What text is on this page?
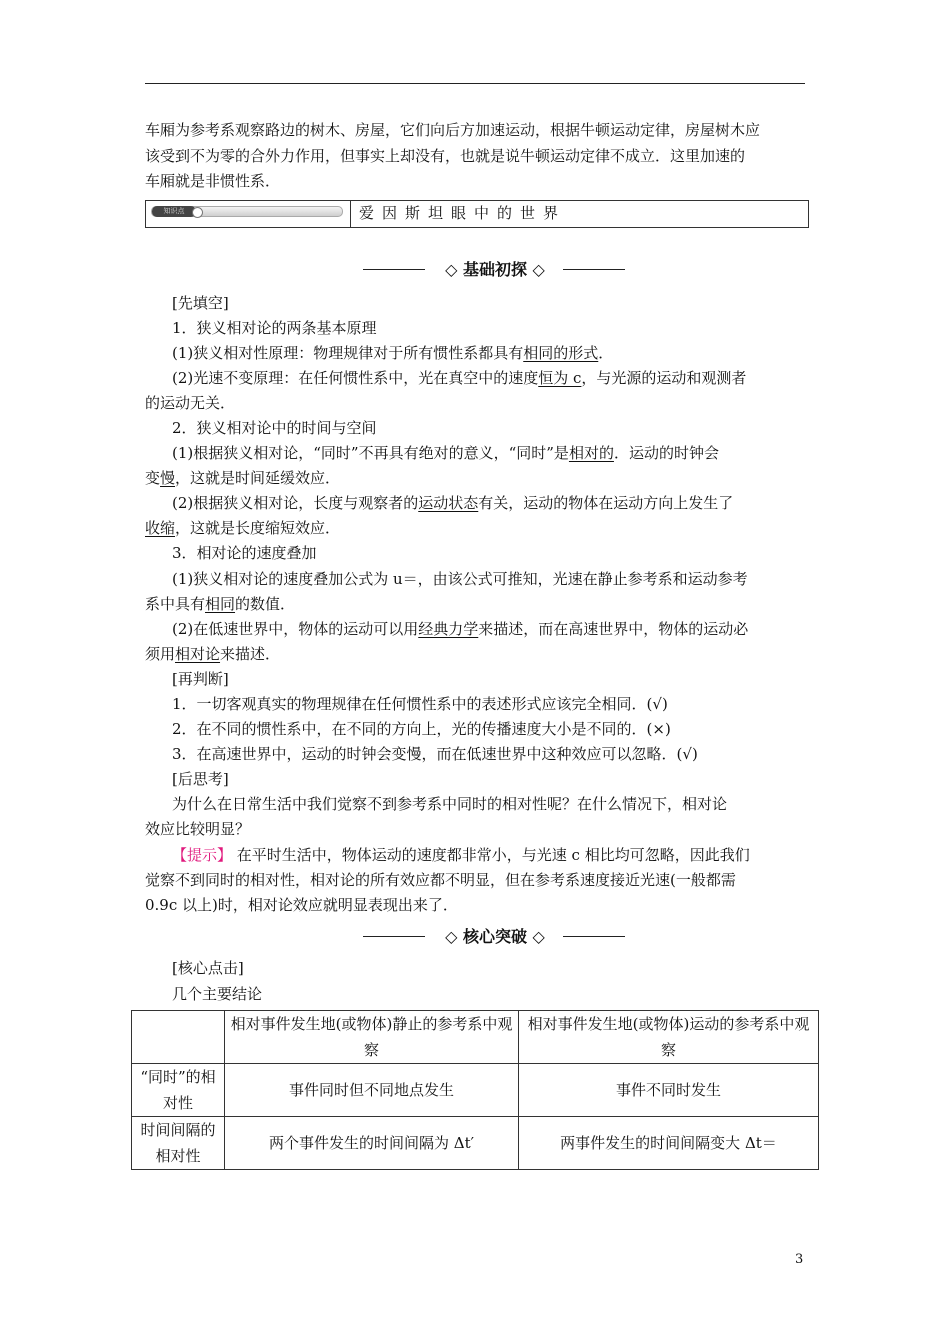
车厢为参考系观察路边的树木、房屋，它们向后方加速运动，根据牛顿运动定律，房屋树木应
该受到不为零的合外力作用，但事实上却没有，也就是说牛顿运动定律不成立．这里加速的
车厢就是非惯性系．
知识点	爱因斯坦眼中的世界
◇ 基础初探 ◇
[先填空]
1．狭义相对论的两条基本原理
(1)狭义相对性原理：物理规律对于所有惯性系都具有相同的形式．
(2)光速不变原理：在任何惯性系中，光在真空中的速度恒为 c，与光源的运动和观测者
的运动无关．
2．狭义相对论中的时间与空间
(1)根据狭义相对论，“同时”不再具有绝对的意义，“同时”是相对的．运动的时钟会
变慢，这就是时间延缓效应．
(2)根据狭义相对论，长度与观察者的运动状态有关，运动的物体在运动方向上发生了
收缩，这就是长度缩短效应．
3．相对论的速度叠加
(1)狭义相对论的速度叠加公式为 u＝，由该公式可推知，光速在静止参考系和运动参考
系中具有相同的数值．
(2)在低速世界中，物体的运动可以用经典力学来描述，而在高速世界中，物体的运动必
须用相对论来描述．
[再判断]
1．一切客观真实的物理规律在任何惯性系中的表述形式应该完全相同．(√)
2．在不同的惯性系中，在不同的方向上，光的传播速度大小是不同的．(×)
3．在高速世界中，运动的时钟会变慢，而在低速世界中这种效应可以忽略．(√)
[后思考]
为什么在日常生活中我们觉察不到参考系中同时的相对性呢？在什么情况下，相对论
效应比较明显？
【提示】 在平时生活中，物体运动的速度都非常小，与光速 c 相比均可忽略，因此我们
觉察不到同时的相对性，相对论的所有效应都不明显，但在参考系速度接近光速(一般都需
0.9c 以上)时，相对论效应就明显表现出来了．
◇ 核心突破 ◇
[核心点击]
几个主要结论
	相对事件发生地(或物体)静止的参考系中观察	相对事件发生地(或物体)运动的参考系中观察
“同时”的相对性	事件同时但不同地点发生	事件不同时发生
时间间隔的相对性	两个事件发生的时间间隔为 Δt′	两事件发生的时间间隔变大 Δt＝
3
